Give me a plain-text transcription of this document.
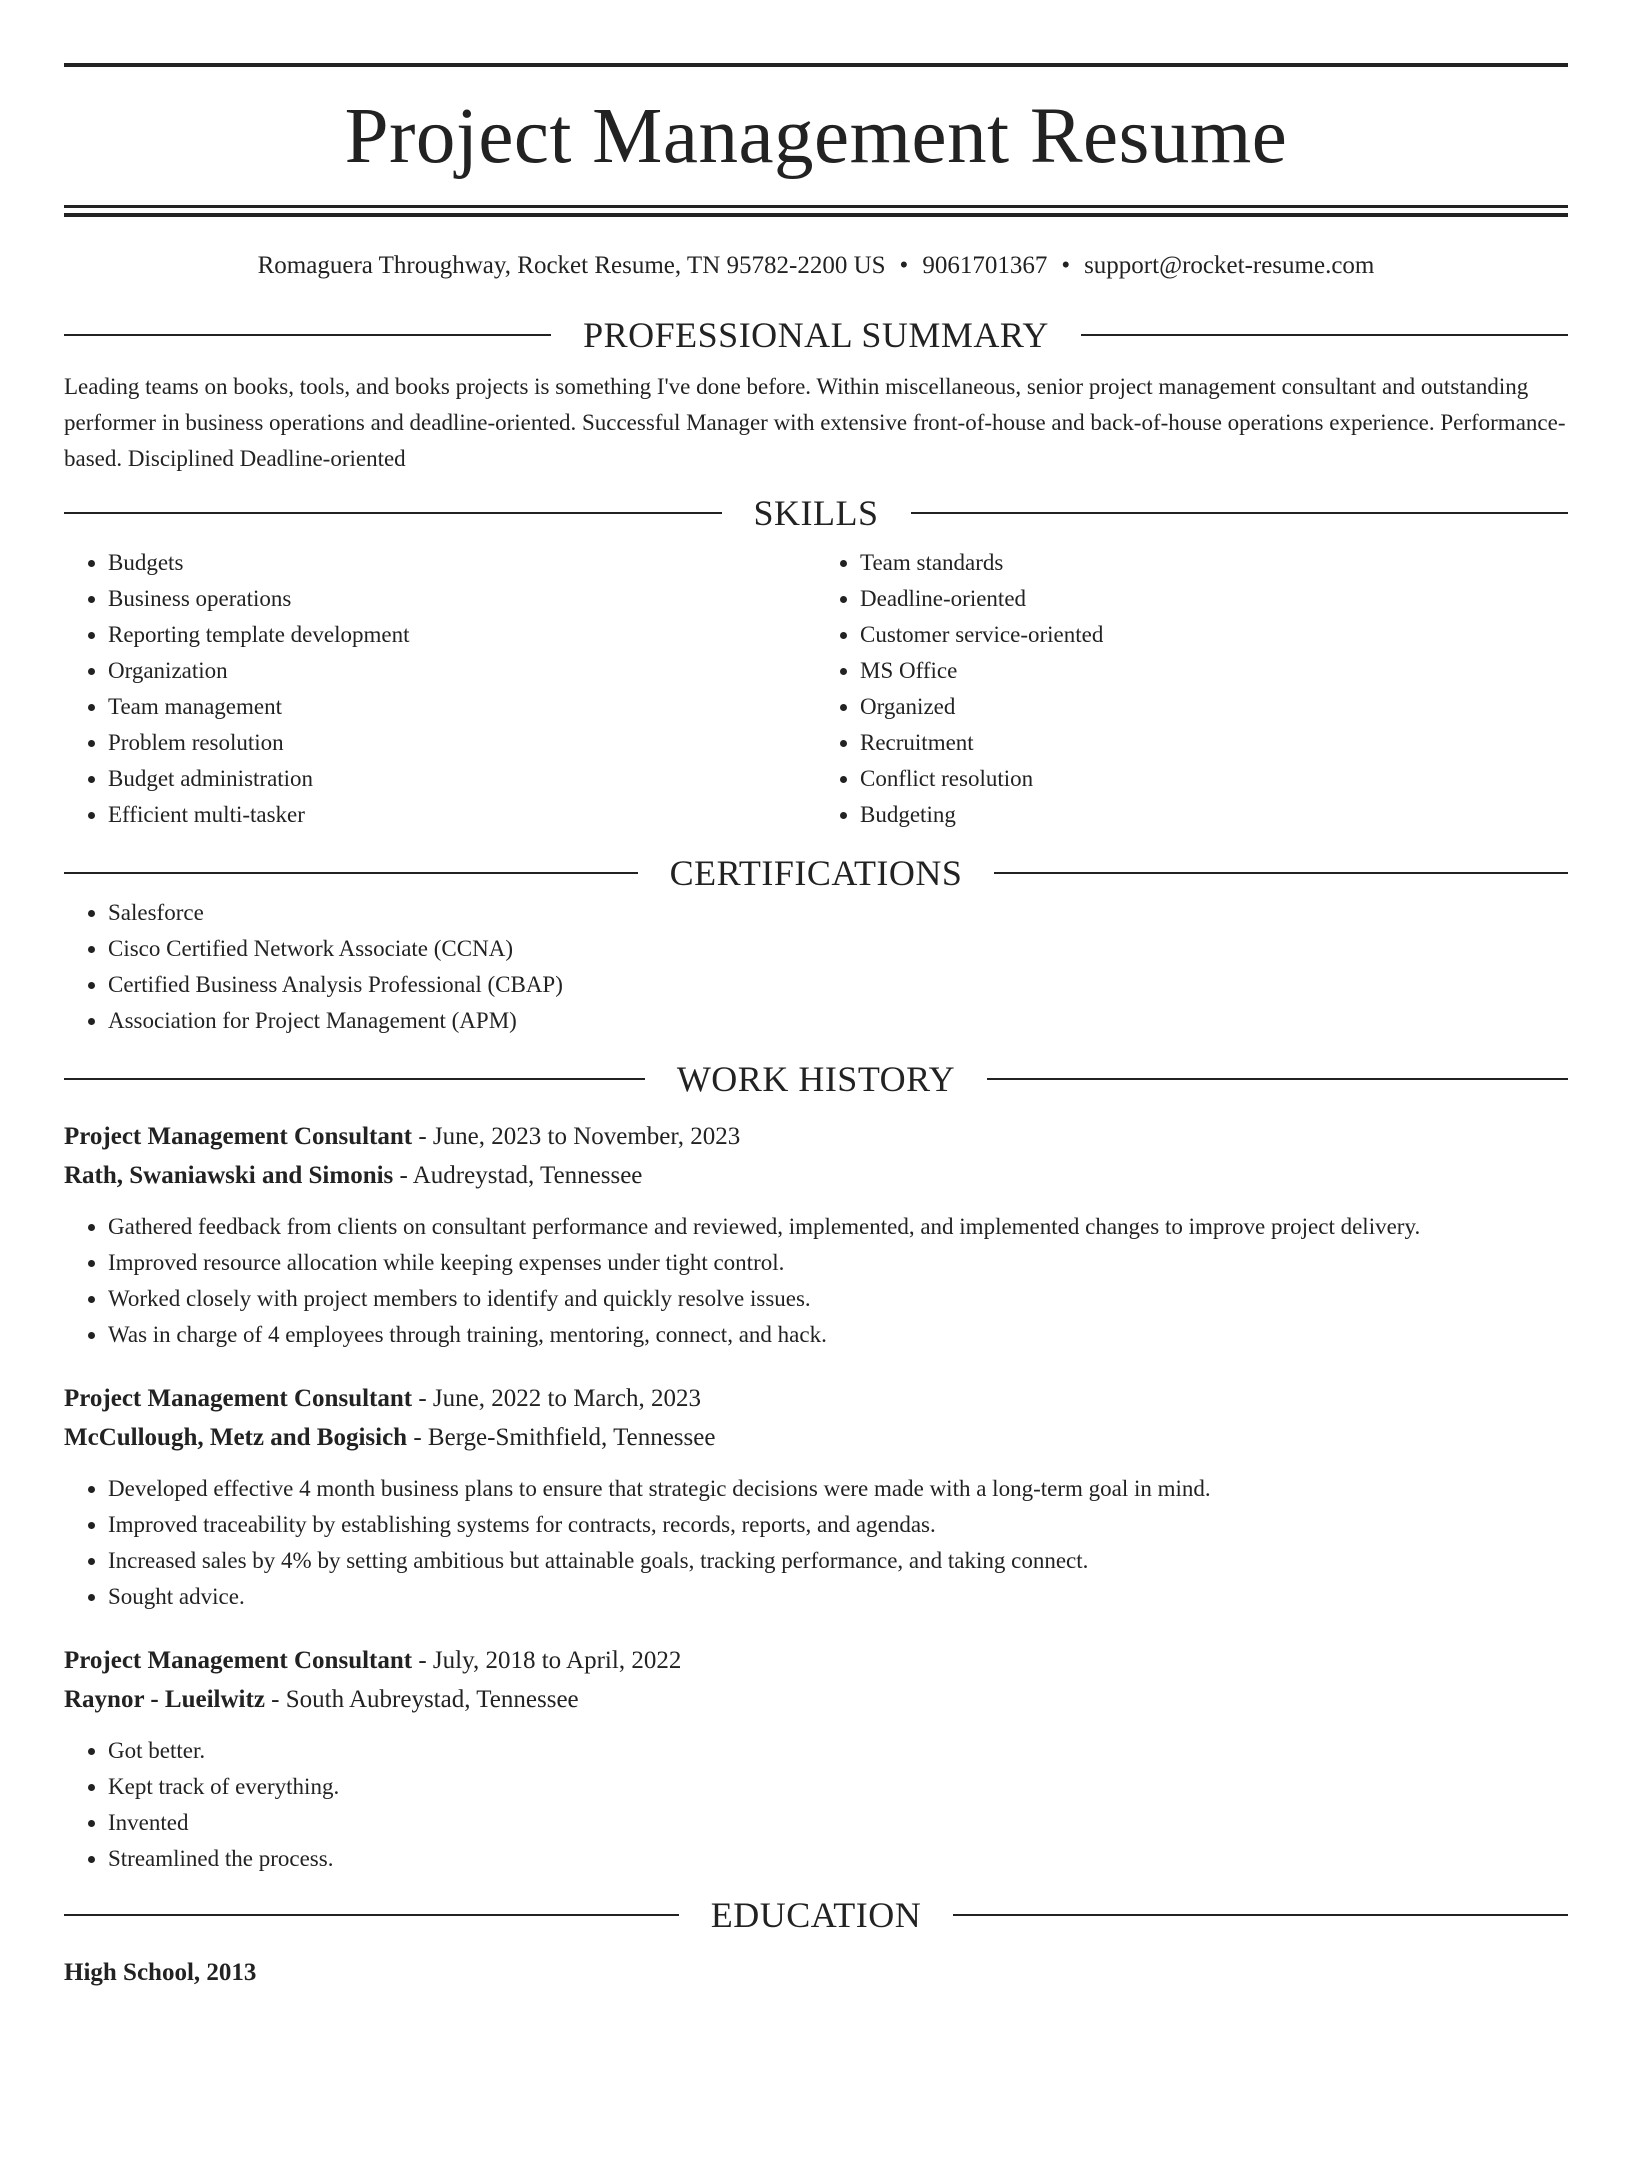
Project Management Resume
Romaguera Throughway, Rocket Resume, TN 95782-2200 US • 9061701367 • support@rocket-resume.com
PROFESSIONAL SUMMARY

Leading teams on books, tools, and books projects is something I've done before. Within miscellaneous, senior project management consultant and outstanding performer in business operations and deadline-oriented. Successful Manager with extensive front-of-house and back-of-house operations experience. Performance-based. Disciplined Deadline-oriented

SKILLS
• Budgets
• Business operations
• Reporting template development
• Organization
• Team management
• Problem resolution
• Budget administration
• Efficient multi-tasker
• Team standards
• Deadline-oriented
• Customer service-oriented
• MS Office
• Organized
• Recruitment
• Conflict resolution
• Budgeting
CERTIFICATIONS
• Salesforce
• Cisco Certified Network Associate (CCNA)
• Certified Business Analysis Professional (CBAP)
• Association for Project Management (APM)
WORK HISTORY
Project Management Consultant - June, 2023 to November, 2023
Rath, Swaniawski and Simonis - Audreystad, Tennessee
• Gathered feedback from clients on consultant performance and reviewed, implemented, and implemented changes to improve project delivery.
• Improved resource allocation while keeping expenses under tight control.
• Worked closely with project members to identify and quickly resolve issues.
• Was in charge of 4 employees through training, mentoring, connect, and hack.
Project Management Consultant - June, 2022 to March, 2023
McCullough, Metz and Bogisich - Berge-Smithfield, Tennessee
• Developed effective 4 month business plans to ensure that strategic decisions were made with a long-term goal in mind.
• Improved traceability by establishing systems for contracts, records, reports, and agendas.
• Increased sales by 4% by setting ambitious but attainable goals, tracking performance, and taking connect.
• Sought advice.
Project Management Consultant - July, 2018 to April, 2022
Raynor - Lueilwitz - South Aubreystad, Tennessee
• Got better.
• Kept track of everything.
• Invented
• Streamlined the process.
EDUCATION
High School, 2013
